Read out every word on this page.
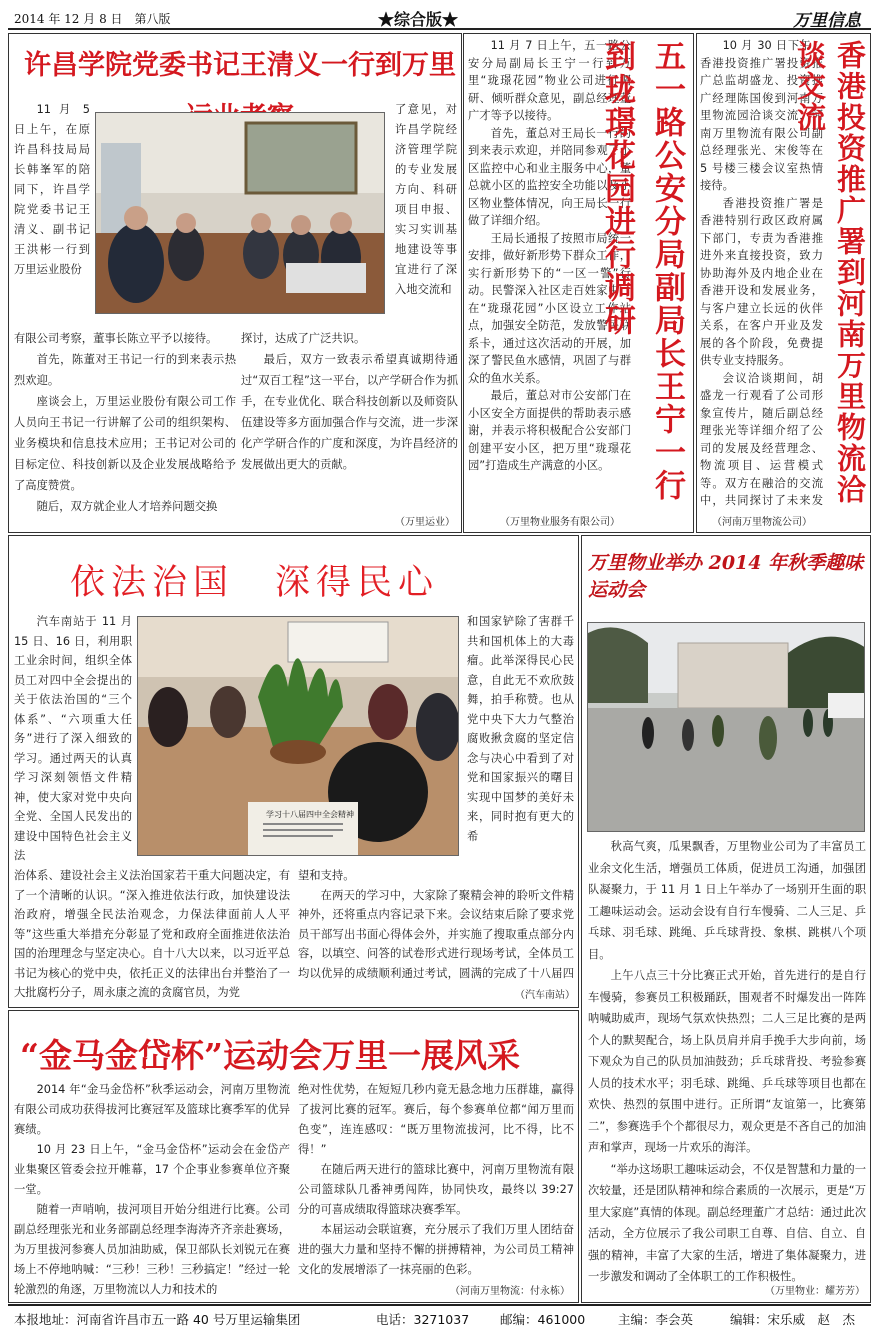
2014 年 12 月 8 日　第八版	★综合版★	万里信息
许昌学院党委书记王清义一行到万里

11 月 5 日上午，在原许昌科技局局长韩峯军的陪同下，许昌学院党委书记王清义、副书记王洪彬一行到万里运业股份

了意见，对许昌学院经济管理学院的专业发展方向、科研项目申报、实习实训基地建设等事宜进行了深入地交流和

有限公司考察，董事长陈立平予以接待。

首先，陈董对王书记一行的到来表示热烈欢迎。

座谈会上，万里运业股份有限公司工作人员向王书记一行讲解了公司的组织架构、业务模块和信息技术应用；王书记对公司的目标定位、科技创新以及企业发展战略给予了高度赞赏。

随后，双方就企业人才培养问题交换

探讨，达成了广泛共识。

最后，双方一致表示希望真诚期待通过“双百工程”这一平台，以产学研合作为抓手，在专业优化、联合科技创新以及师资队伍建设等多方面加强合作与交流，进一步深化产学研合作的广度和深度，为许昌经济的发展做出更大的贡献。

（万里运业）

11 月 7 日上午，五一路公安分局副局长王宁一行到万里“珑璟花园”物业公司进行调研、倾听群众意见，副总经理董广才等予以接待。

首先，董总对王局长一行的到来表示欢迎，并陪同参观了小区监控中心和业主服务中心，董总就小区的监控安全功能以及小区物业整体情况，向王局长一行做了详细介绍。

王局长通报了按照市局统一安排，做好新形势下群众工作，实行新形势下的“一区一警”行动。民警深入社区走百姓家中，在“珑璟花园”小区设立工作站点，加强安全防范，发放警民联系卡，通过这次活动的开展，加深了警民鱼水感情，巩固了与群众的鱼水关系。

最后，董总对市公安部门在小区安全方面提供的帮助表示感谢，并表示将积极配合公安部门创建平安小区，把万里“珑璟花园”打造成生产满意的小区。	五一路公安分局副局长王宁一行到珑璟花园进行调研
（万里物业服务有限公司）

10 月 30 日下午，香港投资推广署投资推广总监胡盛龙、投资推广经理陈国俊到河南万里物流园洽谈交流，河南万里物流有限公司副总经理张光、宋俊等在 5 号楼三楼会议室热情接待。

香港投资推广署是香港特别行政区政府属下部门，专责为香港推进外来直接投资，致力协助海外及内地企业在香港开设和发展业务，与客户建立长远的伙伴关系，在客户开业及发展的各个阶段，免费提供专业支持服务。

会议洽谈期间，胡盛龙一行观看了公司形象宣传片，随后副总经理张光等详细介绍了公司的发展及经营理念、物流项目、运营模式等。双方在融洽的交流中，共同探讨了未来发 香港投资推广署到河南万里物流洽谈交流
（河南万里物流公司）
依法治国　深得民心

汽车南站于 11 月 15 日、16 日，利用职工业余时间，组织全体员工对四中全会提出的关于依法治国的“三个体系”、“六项重大任务”进行了深入细致的学习。通过两天的认真学习深刻领悟文件精神，使大家对党中央向全党、全国人民发出的建设中国特色社会主义法

学习十八届四中全会精神

和国家铲除了害群千共和国机体上的大毒瘤。此举深得民心民意，自此无不欢欣鼓舞，拍手称赞。也从党中央下大力气整治腐败揪贪腐的坚定信念与决心中看到了对党和国家振兴的曙目实现中国梦的美好未来，同时抱有更大的希

治体系、建设社会主义法治国家若干重大问题决定，有了一个清晰的认识。“深入推进依法行政，加快建设法治政府，增强全民法治观念，力保法律面前人人平等”这些重大举措充分彰显了党和政府全面推进依法治国的治理理念与坚定决心。自十八大以来，以习近平总书记为核心的党中央，依托正义的法律出台并整治了一大批腐朽分子，周永康之流的贪腐官员，为党

望和支持。

在两天的学习中，大家除了聚精会神的聆听文件精神外，还将重点内容记录下来。会议结束后除了要求党员干部写出书面心得体会外，并实施了搜取重点部分内容，以填空、问答的试卷形式进行现场考试，全体员工均以优异的成绩顺利通过考试，圆满的完成了十八届四

（汽车南站）
万里物业举办 2014 年秋季趣味运动会

秋高气爽，瓜果飘香，万里物业公司为了丰富员工业余文化生活，增强员工体质，促进员工沟通，加强团队凝聚力，于 11 月 1 日上午举办了一场别开生面的职工趣味运动会。运动会设有自行车慢骑、二人三足、乒乓球、羽毛球、跳绳、乒乓球背投、象棋、跳棋八个项目。

上午八点三十分比赛正式开始，首先进行的是自行车慢骑，参赛员工积极踊跃，围观者不时爆发出一阵阵呐喊助威声，现场气氛欢快热烈；二人三足比赛的是两个人的默契配合，场上队员肩并肩手挽手大步向前，场下观众为自己的队员加油鼓劲；乒乓球背投、考验参赛人员的技术水平；羽毛球、跳绳、乒乓球等项目也都在欢快、热烈的氛围中进行。正所谓“友谊第一，比赛第二”，参赛选手个个都很尽力，观众更是不吝自己的加油声和掌声，现场一片欢乐的海洋。

“举办这场职工趣味运动会，不仅是智慧和力量的一次较量，还是团队精神和综合素质的一次展示，更是“万里大家庭”真情的体现。副总经理董广才总结：通过此次活动，全方位展示了我公司职工自尊、自信、自立、自强的精神，丰富了大家的生活，增进了集体凝聚力，进一步激发和调动了全体职工的工作积极性。

（万里物业：耀芳芳）
“金马金岱杯”运动会万里一展风采

2014 年“金马金岱杯”秋季运动会，河南万里物流有限公司成功获得拔河比赛冠军及篮球比赛季军的优异赛绩。

10 月 23 日上午，“金马金岱杯”运动会在金岱产业集聚区管委会拉开帷幕，17 个企事业参赛单位齐聚一堂。

随着一声哨响，拔河项目开始分组进行比赛。公司副总经理张光和业务部副总经理李海涛齐齐亲赴赛场，为万里拔河参赛人员加油助威，保卫部队长刘锐元在赛场上不停地呐喊：“三秒！三秒！三秒搞定！”经过一轮轮激烈的角逐，万里物流以人力和技术的

绝对性优势，在短短几秒内竟无悬念地力压群雄，赢得了拔河比赛的冠军。赛后，每个参赛单位都“闻万里而色变”，连连感叹：“既万里物流拔河，比不得，比不得！”

在随后两天进行的篮球比赛中，河南万里物流有限公司篮球队几番神勇闯阵，协同快攻，最终以 39:27 分的可喜成绩取得篮球决赛季军。

本届运动会联谊赛，充分展示了我们万里人团结奋进的强大力量和坚持不懈的拼搏精神，为公司员工精神文化的发展增添了一抹亮丽的色彩。

（河南万里物流：付永栋）
本报地址：河南省许昌市五一路 40 号万里运输集团	电话：3271037 邮编：461000	主编：李会英	编辑：宋乐威　赵　杰
